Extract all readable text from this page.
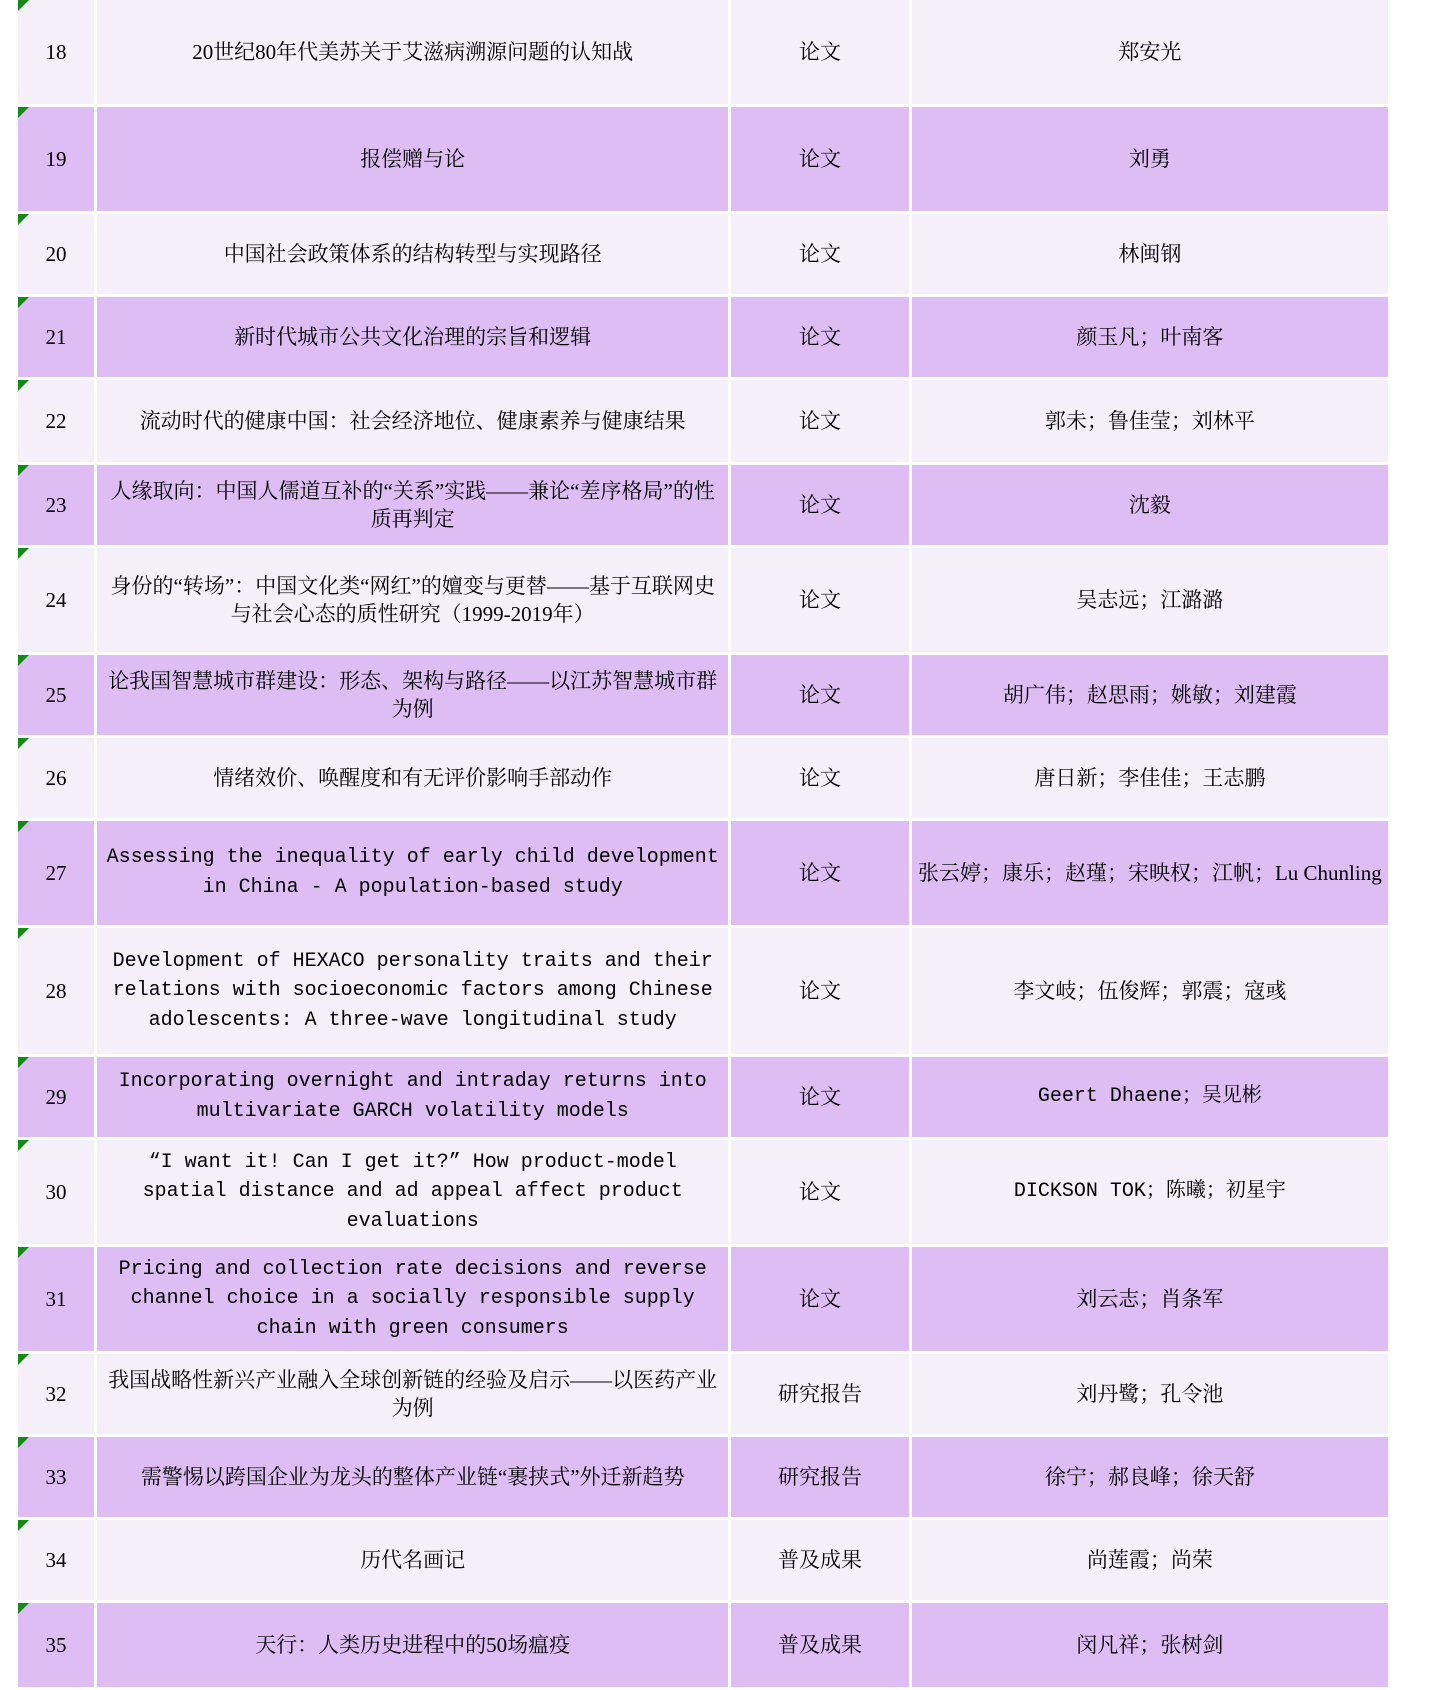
18	20世纪80年代美苏关于艾滋病溯源问题的认知战	论文	郑安光

19	报偿赠与论	论文	刘勇

20	中国社会政策体系的结构转型与实现路径	论文	林闽钢

21	新时代城市公共文化治理的宗旨和逻辑	论文	颜玉凡；叶南客

22	流动时代的健康中国：社会经济地位、健康素养与健康结果	论文	郭未；鲁佳莹；刘林平

23	人缘取向：中国人儒道互补的“关系”实践——兼论“差序格局”的性质再判定	论文	沈毅

24	身份的“转场”：中国文化类“网红”的嬗变与更替——基于互联网史与社会心态的质性研究（1999-2019年）	论文	吴志远；江潞潞

25	论我国智慧城市群建设：形态、架构与路径——以江苏智慧城市群为例	论文	胡广伟；赵思雨；姚敏；刘建霞

26	情绪效价、唤醒度和有无评价影响手部动作	论文	唐日新；李佳佳；王志鹏

27	Assessing the inequality of early child development in China - A population-based study	论文	张云婷；康乐；赵瑾；宋映权；江帆；Lu Chunling

28	Development of HEXACO personality traits and their relations with socioeconomic factors among Chinese adolescents: A three-wave longitudinal study	论文	李文岐；伍俊辉；郭震；寇彧

29	Incorporating overnight and intraday returns into multivariate GARCH volatility models	论文	Geert Dhaene；吴见彬

30	“I want it! Can I get it?” How product-model spatial distance and ad appeal affect product evaluations	论文	DICKSON TOK；陈曦；初星宇

31	Pricing and collection rate decisions and reverse channel choice in a socially responsible supply chain with green consumers	论文	刘云志；肖条军

32	我国战略性新兴产业融入全球创新链的经验及启示——以医药产业为例	研究报告	刘丹鹭；孔令池

33	需警惕以跨国企业为龙头的整体产业链“裹挟式”外迁新趋势	研究报告	徐宁；郝良峰；徐天舒

34	历代名画记	普及成果	尚莲霞；尚荣

35	天行：人类历史进程中的50场瘟疫	普及成果	闵凡祥；张树剑
